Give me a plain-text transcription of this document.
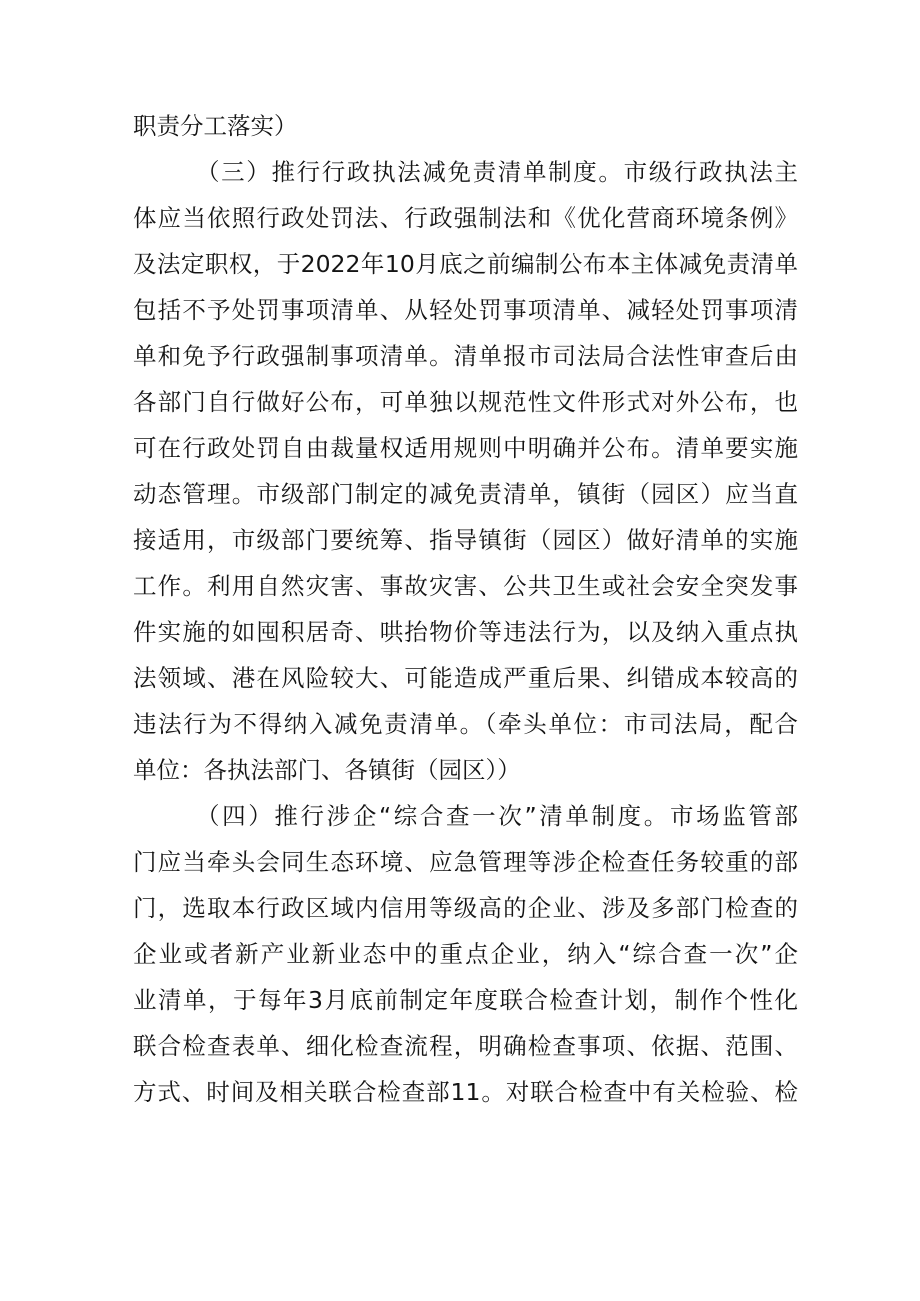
职责分工落实）
（三）推行行政执法减免责清单制度。市级行政执法主
体应当依照行政处罚法、行政强制法和《优化营商环境条例》
及法定职权，于2022年10月底之前编制公布本主体减免责清单
包括不予处罚事项清单、从轻处罚事项清单、减轻处罚事项清
单和免予行政强制事项清单。清单报市司法局合法性审查后由
各部门自行做好公布，可单独以规范性文件形式对外公布，也
可在行政处罚自由裁量权适用规则中明确并公布。清单要实施
动态管理。市级部门制定的减免责清单，镇街（园区）应当直
接适用，市级部门要统筹、指导镇街（园区）做好清单的实施
工作。利用自然灾害、事故灾害、公共卫生或社会安全突发事
件实施的如囤积居奇、哄抬物价等违法行为，以及纳入重点执
法领域、港在风险较大、可能造成严重后果、纠错成本较高的
违法行为不得纳入减免责清单。（牵头单位：市司法局，配合
单位：各执法部门、各镇街（园区））
（四）推行涉企“综合查一次”清单制度。市场监管部
门应当牵头会同生态环境、应急管理等涉企检查任务较重的部
门，选取本行政区域内信用等级高的企业、涉及多部门检查的
企业或者新产业新业态中的重点企业，纳入“综合查一次”企
业清单，于每年3月底前制定年度联合检查计划，制作个性化
联合检查表单、细化检查流程，明确检查事项、依据、范围、
方式、时间及相关联合检查部11。对联合检查中有关检验、检
